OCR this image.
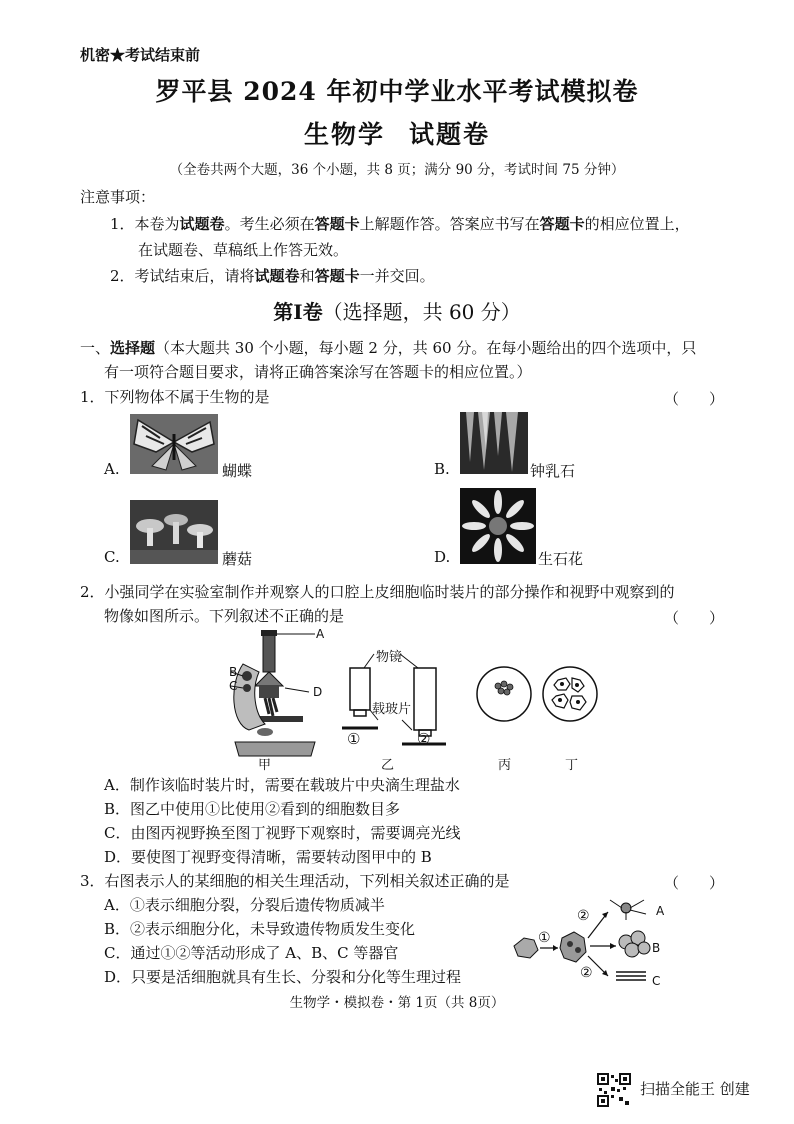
机密★考试结束前
罗平县 2024 年初中学业水平考试模拟卷
生物学 试题卷
（全卷共两个大题，36 个小题，共 8 页；满分 90 分，考试时间 75 分钟）
注意事项：
1．本卷为试题卷。考生必须在答题卡上解题作答。答案应书写在答题卡的相应位置上，
在试题卷、草稿纸上作答无效。
2．考试结束后，请将试题卷和答题卡一并交回。
第Ⅰ卷（选择题，共 60 分）
一、选择题（本大题共 30 个小题，每小题 2 分，共 60 分。在每小题给出的四个选项中，只
有一项符合题目要求，请将正确答案涂写在答题卡的相应位置。）
1．下列物体不属于生物的是	（　　）
A.	蝴蝶	B.	钟乳石
C.	蘑菇	D.	生石花
2．小强同学在实验室制作并观察人的口腔上皮细胞临时装片的部分操作和视野中观察到的
物像如图所示。下列叙述不正确的是	（　　）
A
B
C	D
物镜
载玻片
①	②
甲	乙	丙	丁
A．制作该临时装片时，需要在载玻片中央滴生理盐水
B．图乙中使用①比使用②看到的细胞数目多
C．由图丙视野换至图丁视野下观察时，需要调亮光线
D．要使图丁视野变得清晰，需要转动图甲中的 B
3．右图表示人的某细胞的相关生理活动，下列相关叙述正确的是	（　　）
A．①表示细胞分裂，分裂后遗传物质减半
B．②表示细胞分化，未导致遗传物质发生变化
C．通过①②等活动形成了 A、B、C 等器官
D．只要是活细胞就具有生长、分裂和分化等生理过程
①
②
②
A
B
C
生物学・模拟卷・第 1页（共 8页）
扫描全能王 创建
